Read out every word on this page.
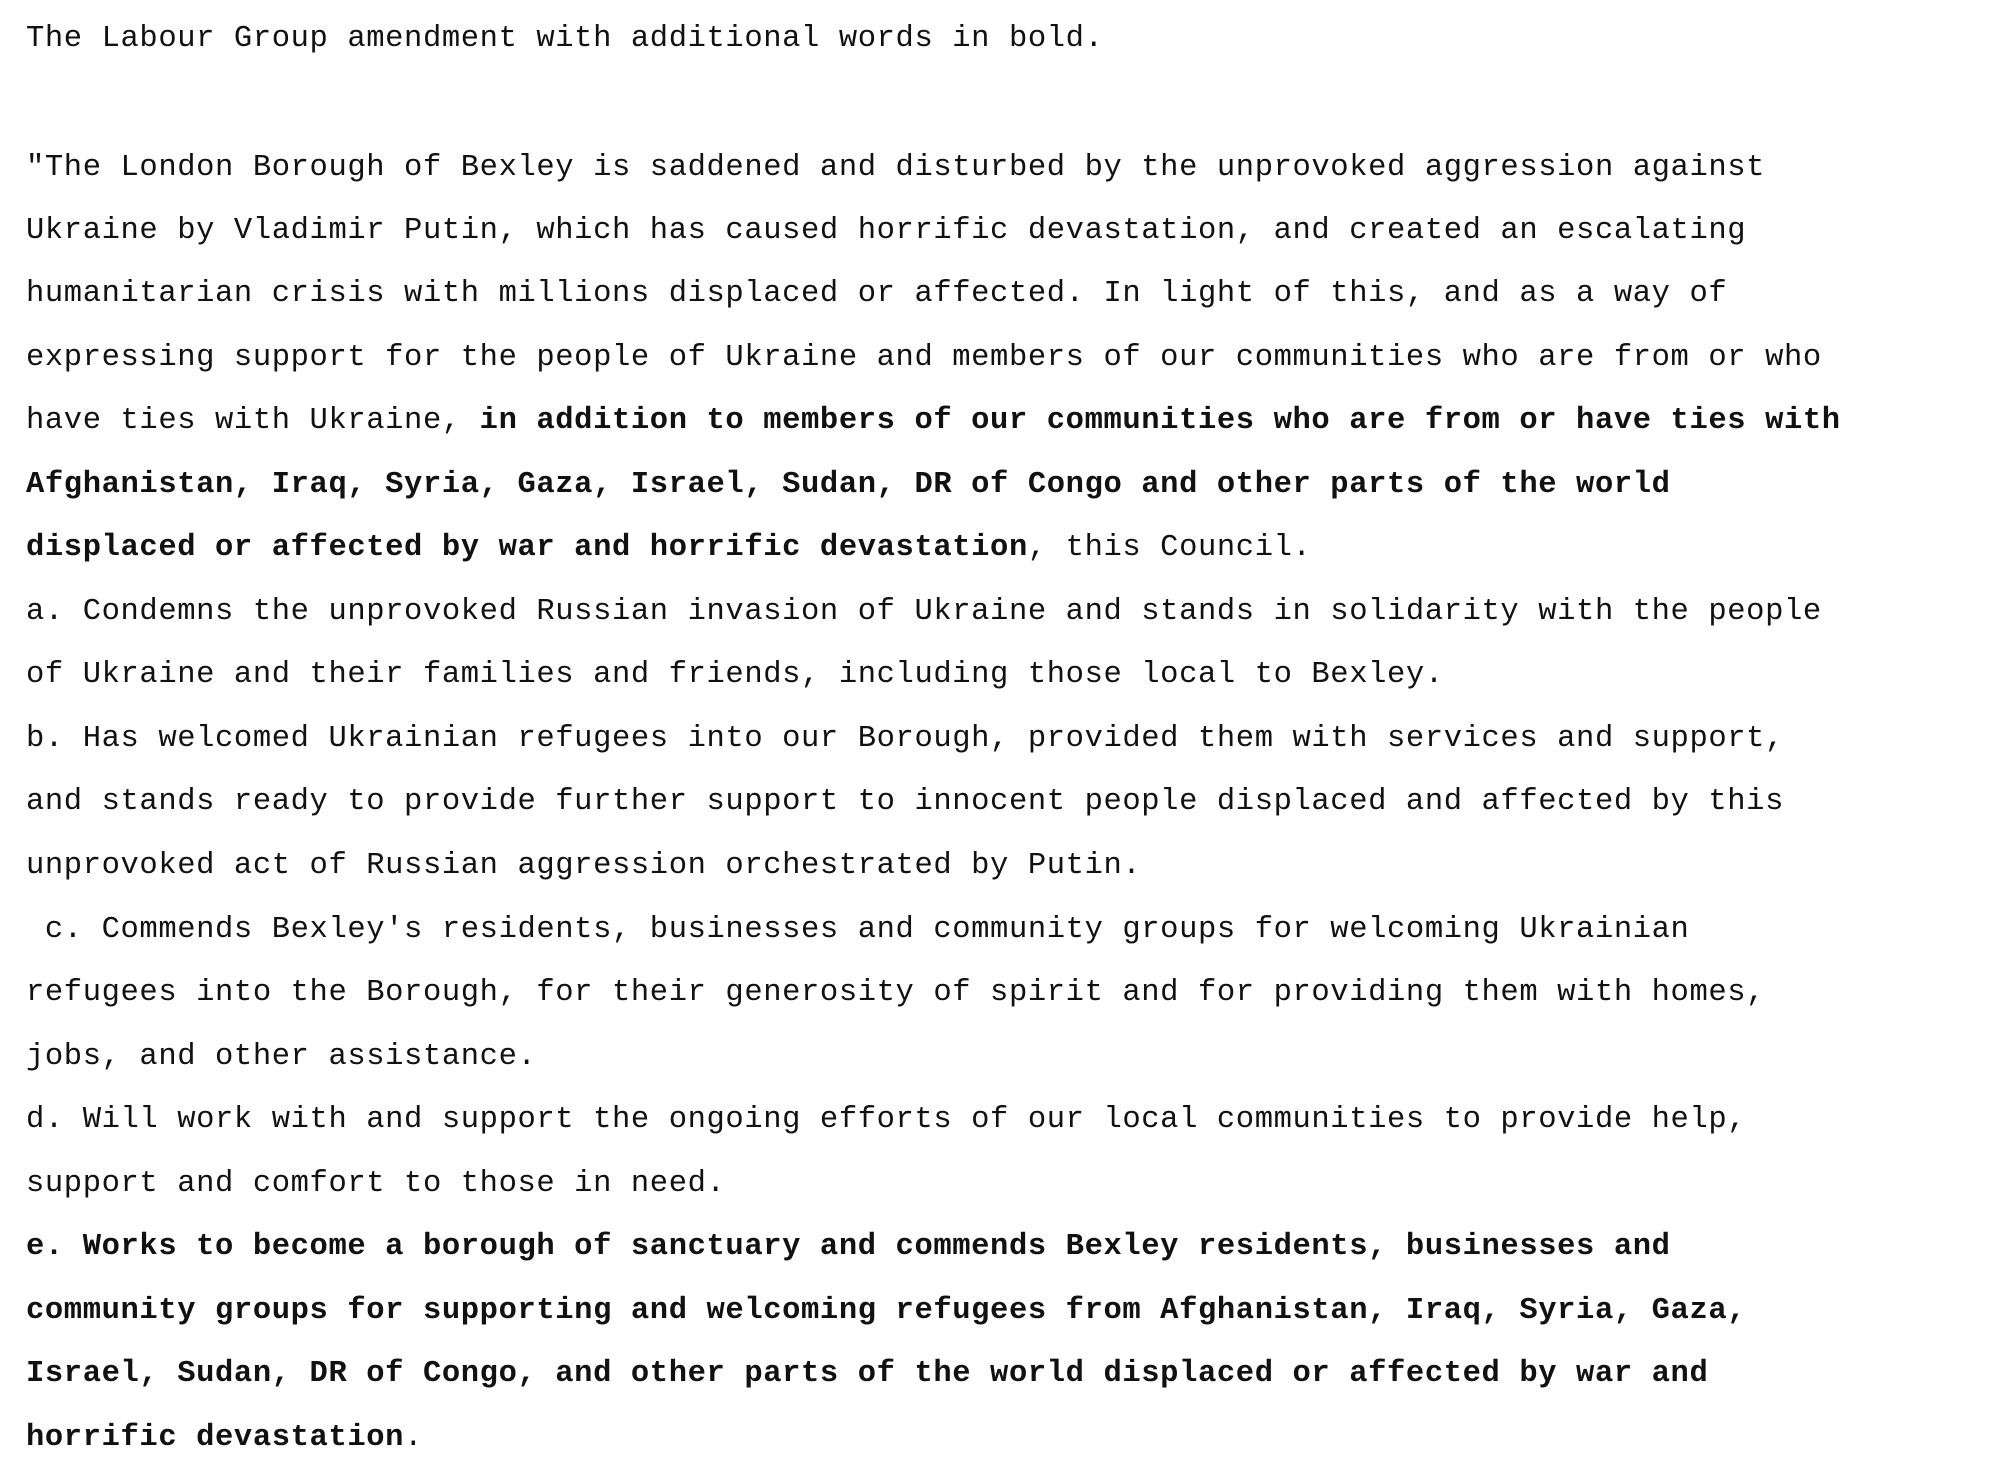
The Labour Group amendment with additional words in bold.
"The London Borough of Bexley is saddened and disturbed by the unprovoked aggression against
Ukraine by Vladimir Putin, which has caused horrific devastation, and created an escalating
humanitarian crisis with millions displaced or affected. In light of this, and as a way of
expressing support for the people of Ukraine and members of our communities who are from or who
have ties with Ukraine, in addition to members of our communities who are from or have ties with
Afghanistan, Iraq, Syria, Gaza, Israel, Sudan, DR of Congo and other parts of the world
displaced or affected by war and horrific devastation, this Council.
a. Condemns the unprovoked Russian invasion of Ukraine and stands in solidarity with the people
of Ukraine and their families and friends, including those local to Bexley.
b. Has welcomed Ukrainian refugees into our Borough, provided them with services and support,
and stands ready to provide further support to innocent people displaced and affected by this
unprovoked act of Russian aggression orchestrated by Putin.
c. Commends Bexley's residents, businesses and community groups for welcoming Ukrainian
refugees into the Borough, for their generosity of spirit and for providing them with homes,
jobs, and other assistance.
d. Will work with and support the ongoing efforts of our local communities to provide help,
support and comfort to those in need.
e. Works to become a borough of sanctuary and commends Bexley residents, businesses and
community groups for supporting and welcoming refugees from Afghanistan, Iraq, Syria, Gaza,
Israel, Sudan, DR of Congo, and other parts of the world displaced or affected by war and
horrific devastation.
